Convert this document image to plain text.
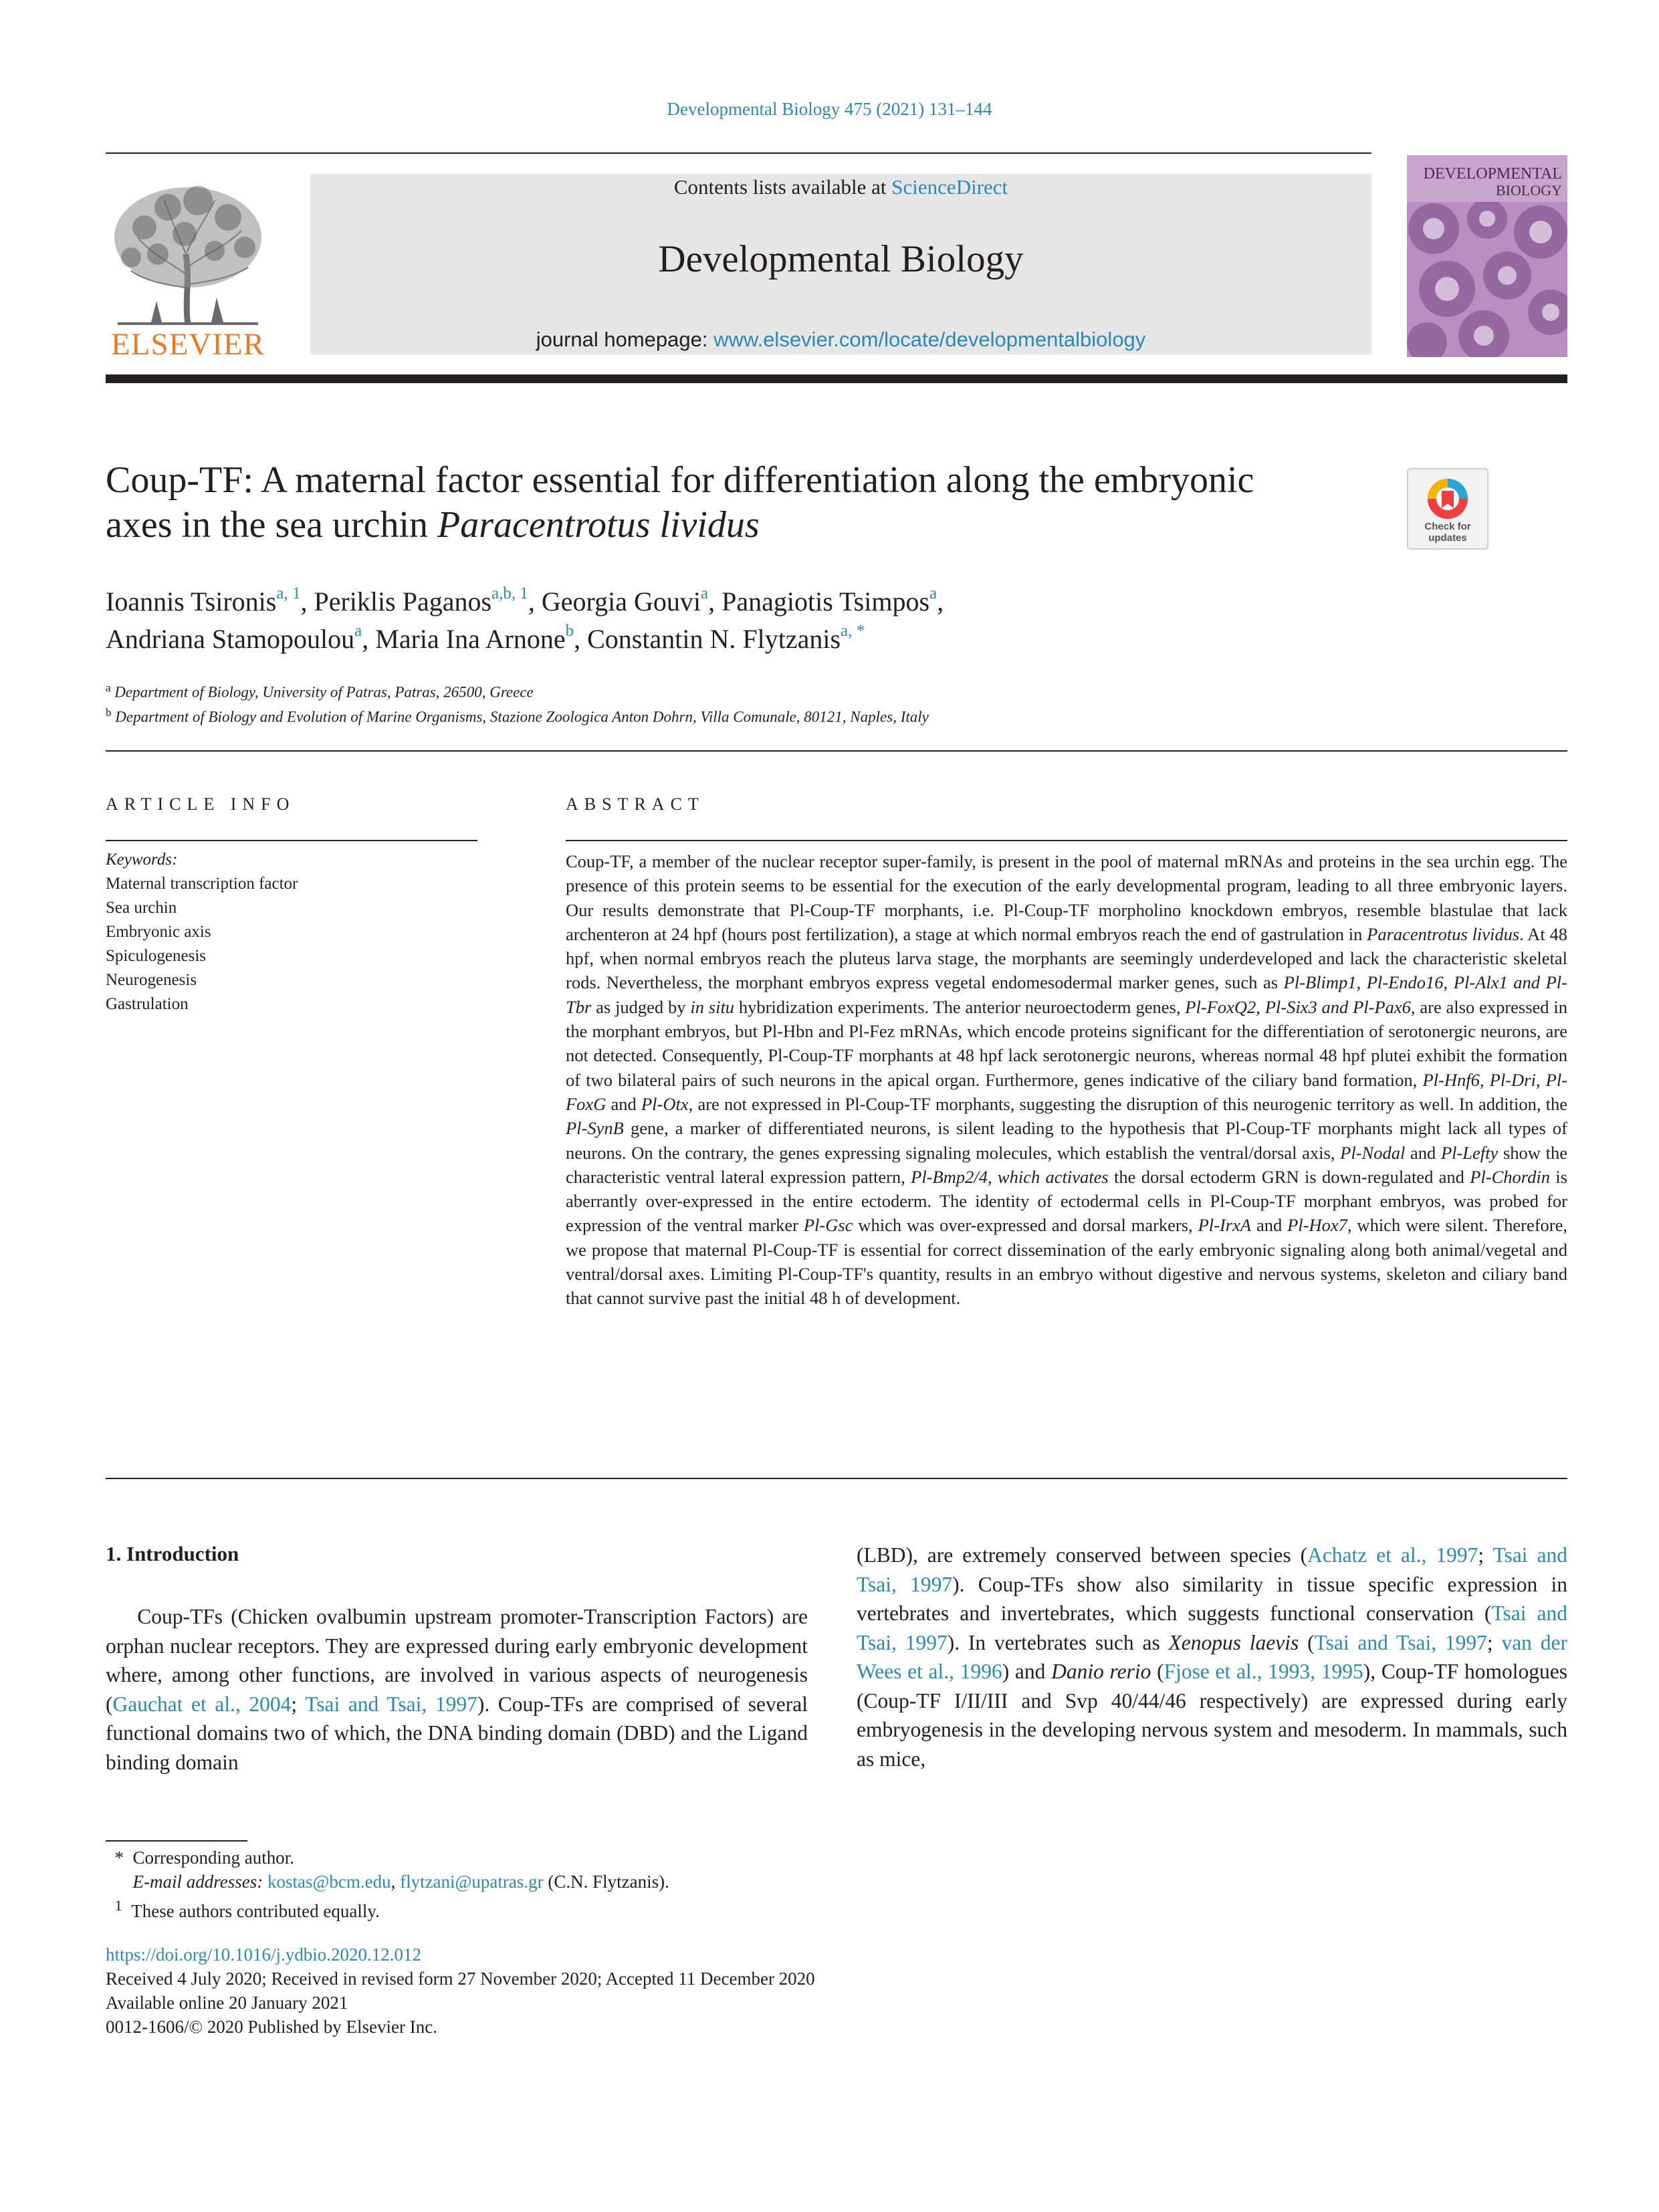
Developmental Biology 475 (2021) 131–144
ELSEVIER
Contents lists available at ScienceDirect
Developmental Biology
journal homepage: www.elsevier.com/locate/developmentalbiology
DEVELOPMENTAL
BIOLOGY
Coup-TF: A maternal factor essential for differentiation along the embryonic
axes in the sea urchin Paracentrotus lividus	Check for
updates
Ioannis Tsironis$^{a, 1}$, Periklis Paganos$^{a,b, 1}$, Georgia Gouvi$^a$, Panagiotis Tsimpos$^a$,
Andriana Stamopoulou$^a$, Maria Ina Arnone$^b$, Constantin N. Flytzanis$^{a, *}$
$^a$ Department of Biology, University of Patras, Patras, 26500, Greece
$^b$ Department of Biology and Evolution of Marine Organisms, Stazione Zoologica Anton Dohrn, Villa Comunale, 80121, Naples, Italy
ARTICLE INFO	ABSTRACT
Keywords:
Maternal transcription factor
Sea urchin
Embryonic axis
Spiculogenesis
Neurogenesis
Gastrulation
Coup-TF, a member of the nuclear receptor super-family, is present in the pool of maternal mRNAs and proteins in the sea urchin egg. The presence of this protein seems to be essential for the execution of the early developmental program, leading to all three embryonic layers. Our results demonstrate that Pl-Coup-TF morphants, i.e. Pl-Coup-TF morpholino knockdown embryos, resemble blastulae that lack archenteron at 24 hpf (hours post fertilization), a stage at which normal embryos reach the end of gastrulation in Paracentrotus lividus. At 48 hpf, when normal embryos reach the pluteus larva stage, the morphants are seemingly underdeveloped and lack the characteristic skeletal rods. Nevertheless, the morphant embryos express vegetal endomesodermal marker genes, such as Pl-Blimp1, Pl-Endo16, Pl-Alx1 and Pl-Tbr as judged by in situ hybridization experiments. The anterior neuroectoderm genes, Pl-FoxQ2, Pl-Six3 and Pl-Pax6, are also expressed in the morphant embryos, but Pl-Hbn and Pl-Fez mRNAs, which encode proteins significant for the differentiation of serotonergic neurons, are not detected. Consequently, Pl-Coup-TF morphants at 48 hpf lack serotonergic neurons, whereas normal 48 hpf plutei exhibit the formation of two bilateral pairs of such neurons in the apical organ. Furthermore, genes indicative of the ciliary band formation, Pl-Hnf6, Pl-Dri, Pl-FoxG and Pl-Otx, are not expressed in Pl-Coup-TF morphants, suggesting the disruption of this neurogenic territory as well. In addition, the Pl-SynB gene, a marker of differentiated neurons, is silent leading to the hypothesis that Pl-Coup-TF morphants might lack all types of neurons. On the contrary, the genes expressing signaling molecules, which establish the ventral/dorsal axis, Pl-Nodal and Pl-Lefty show the characteristic ventral lateral expression pattern, Pl-Bmp2/4, which activates the dorsal ectoderm GRN is down-regulated and Pl-Chordin is aberrantly over-expressed in the entire ectoderm. The identity of ectodermal cells in Pl-Coup-TF morphant embryos, was probed for expression of the ventral marker Pl-Gsc which was over-expressed and dorsal markers, Pl-IrxA and Pl-Hox7, which were silent. Therefore, we propose that maternal Pl-Coup-TF is essential for correct dissemination of the early embryonic signaling along both animal/vegetal and ventral/dorsal axes. Limiting Pl-Coup-TF's quantity, results in an embryo without digestive and nervous systems, skeleton and ciliary band that cannot survive past the initial 48 h of development.
1. Introduction
  Coup-TFs (Chicken ovalbumin upstream promoter-Transcription Factors) are orphan nuclear receptors. They are expressed during early embryonic development where, among other functions, are involved in various aspects of neurogenesis (Gauchat et al., 2004; Tsai and Tsai, 1997). Coup-TFs are comprised of several functional domains two of which, the DNA binding domain (DBD) and the Ligand binding domain
(LBD), are extremely conserved between species (Achatz et al., 1997; Tsai and Tsai, 1997). Coup-TFs show also similarity in tissue specific expression in vertebrates and invertebrates, which suggests functional conservation (Tsai and Tsai, 1997). In vertebrates such as Xenopus laevis (Tsai and Tsai, 1997; van der Wees et al., 1996) and Danio rerio (Fjose et al., 1993, 1995), Coup-TF homologues (Coup-TF I/II/III and Svp 40/44/46 respectively) are expressed during early embryogenesis in the developing nervous system and mesoderm. In mammals, such as mice,
 *  Corresponding author.
  E-mail addresses: kostas@bcm.edu, flytzani@upatras.gr (C.N. Flytzanis).
 $^1$  These authors contributed equally.
https://doi.org/10.1016/j.ydbio.2020.12.012
Received 4 July 2020; Received in revised form 27 November 2020; Accepted 11 December 2020
Available online 20 January 2021
0012-1606/© 2020 Published by Elsevier Inc.
